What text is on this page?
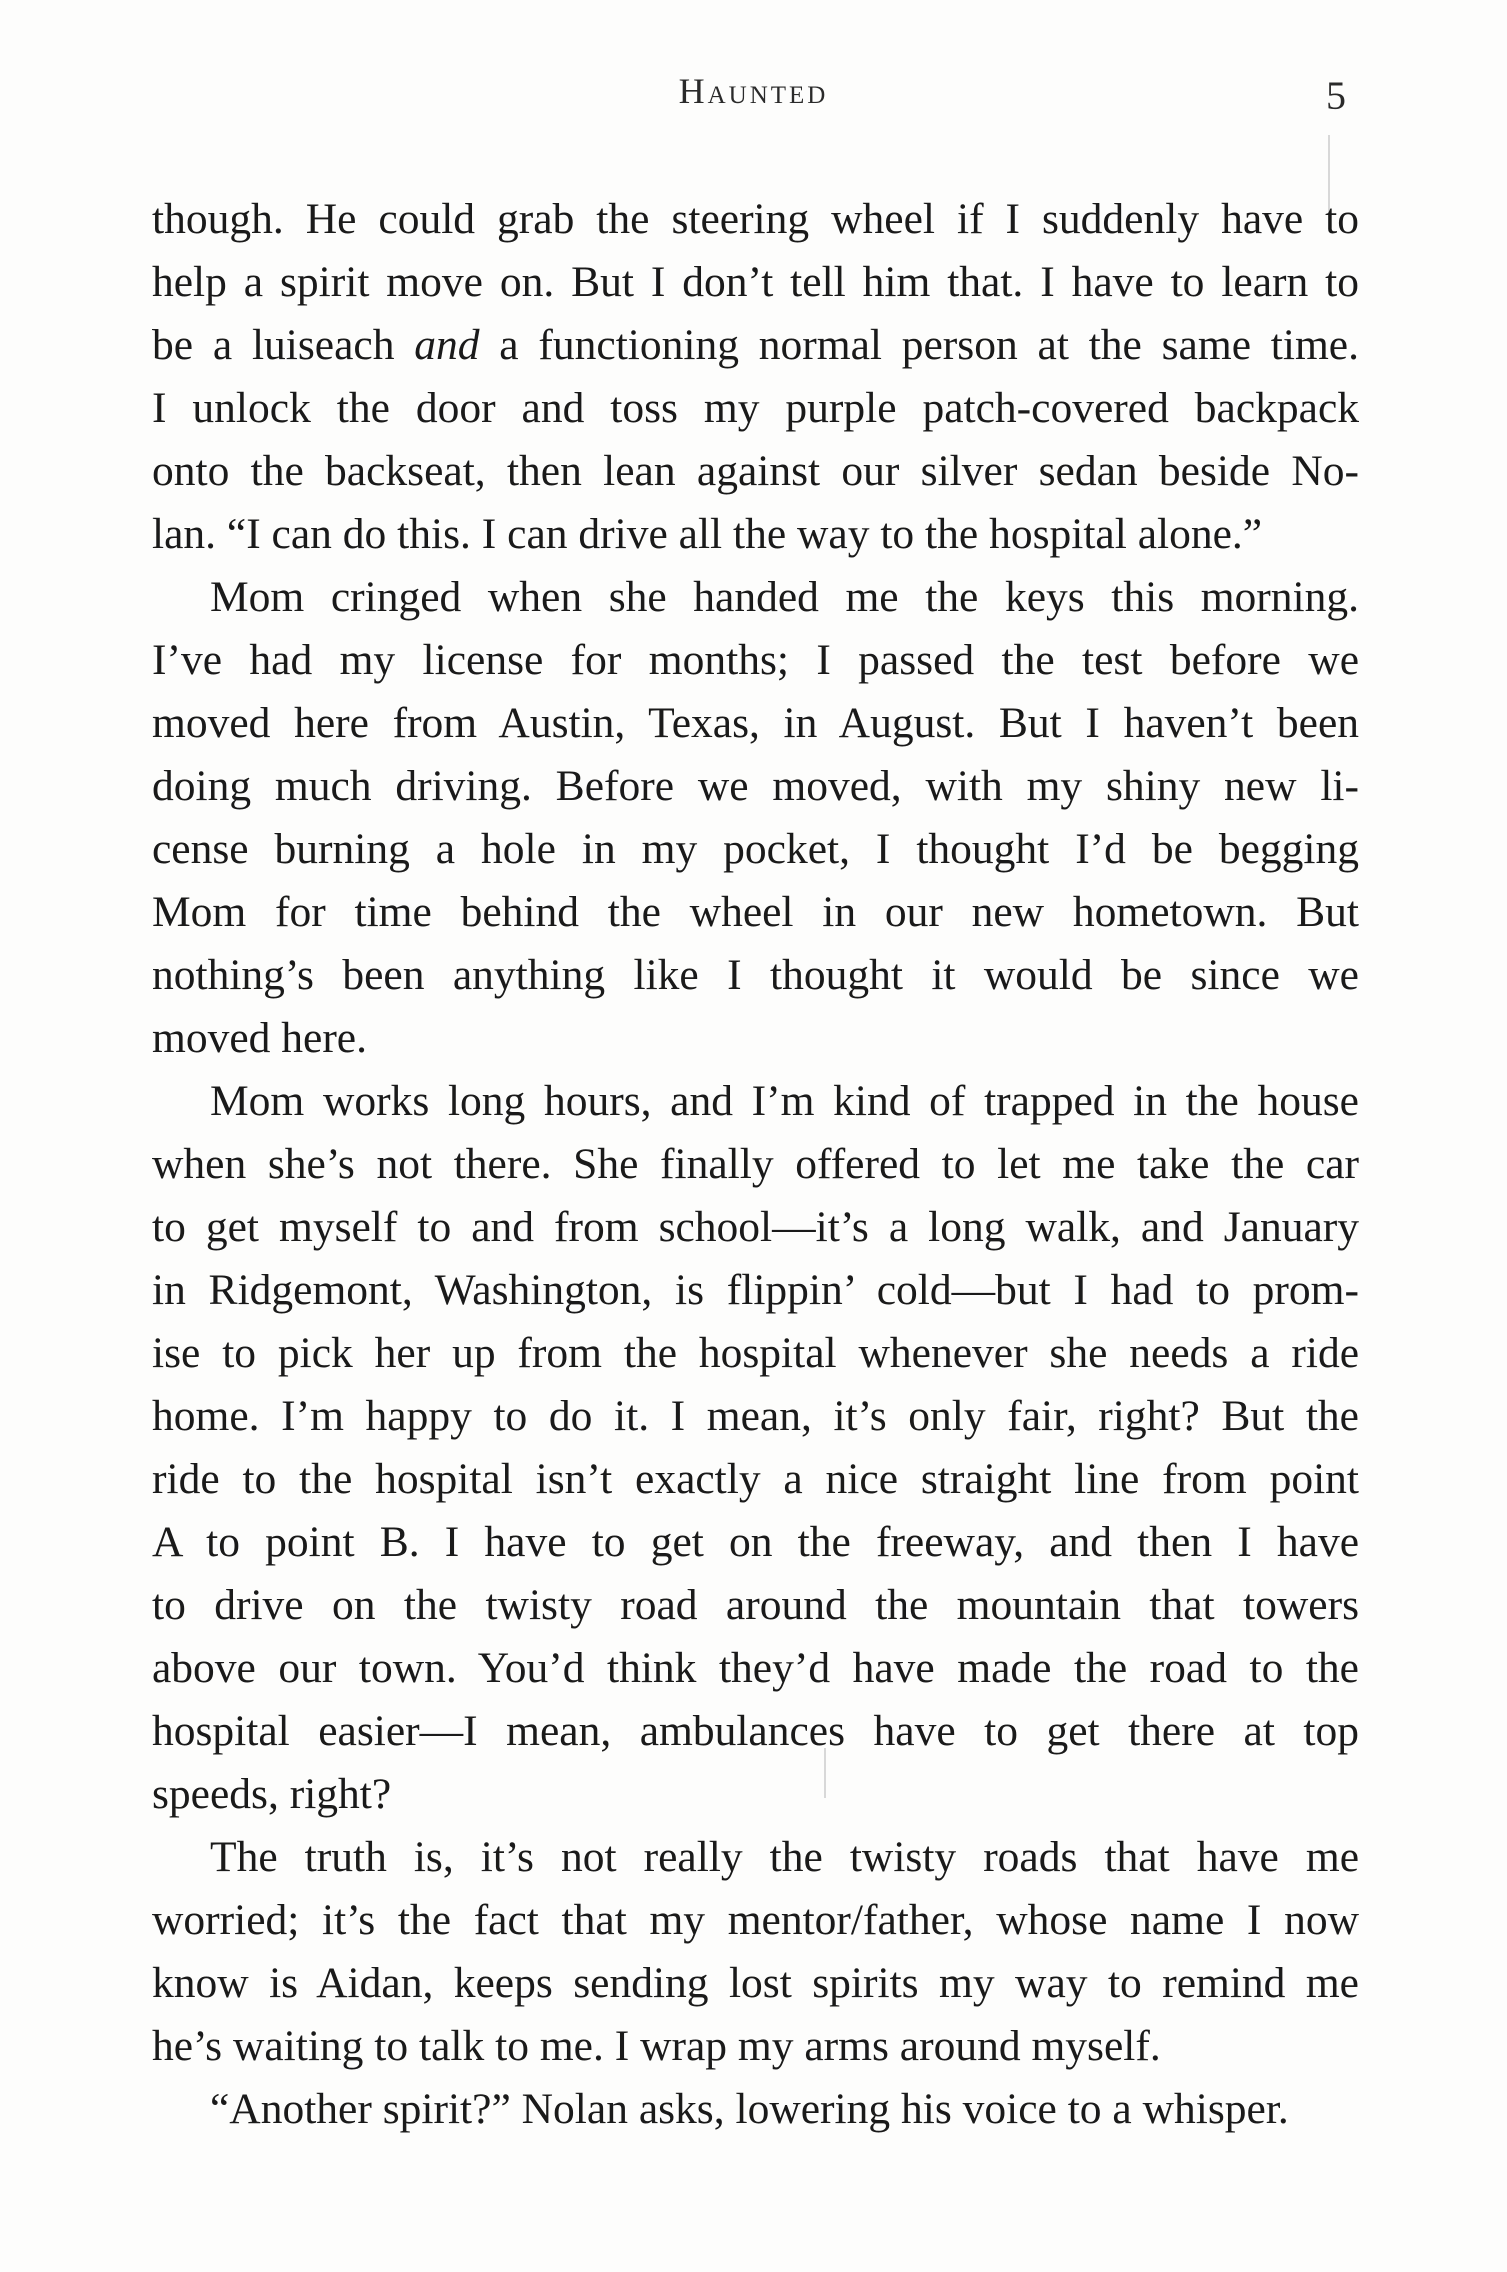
Haunted	5
though. He could grab the steering wheel if I suddenly have to
help a spirit move on. But I don’t tell him that. I have to learn to
be a luiseach and a functioning normal person at the same time.
I unlock the door and toss my purple patch-covered backpack
onto the backseat, then lean against our silver sedan beside No-
lan. “I can do this. I can drive all the way to the hospital alone.”
Mom cringed when she handed me the keys this morning.
I’ve had my license for months; I passed the test before we
moved here from Austin, Texas, in August. But I haven’t been
doing much driving. Before we moved, with my shiny new li-
cense burning a hole in my pocket, I thought I’d be begging
Mom for time behind the wheel in our new hometown. But
nothing’s been anything like I thought it would be since we
moved here.
Mom works long hours, and I’m kind of trapped in the house
when she’s not there. She finally offered to let me take the car
to get myself to and from school—it’s a long walk, and January
in Ridgemont, Washington, is flippin’ cold—but I had to prom-
ise to pick her up from the hospital whenever she needs a ride
home. I’m happy to do it. I mean, it’s only fair, right? But the
ride to the hospital isn’t exactly a nice straight line from point
A to point B. I have to get on the freeway, and then I have
to drive on the twisty road around the mountain that towers
above our town. You’d think they’d have made the road to the
hospital easier—I mean, ambulances have to get there at top
speeds, right?
The truth is, it’s not really the twisty roads that have me
worried; it’s the fact that my mentor/father, whose name I now
know is Aidan, keeps sending lost spirits my way to remind me
he’s waiting to talk to me. I wrap my arms around myself.
“Another spirit?” Nolan asks, lowering his voice to a whisper.
